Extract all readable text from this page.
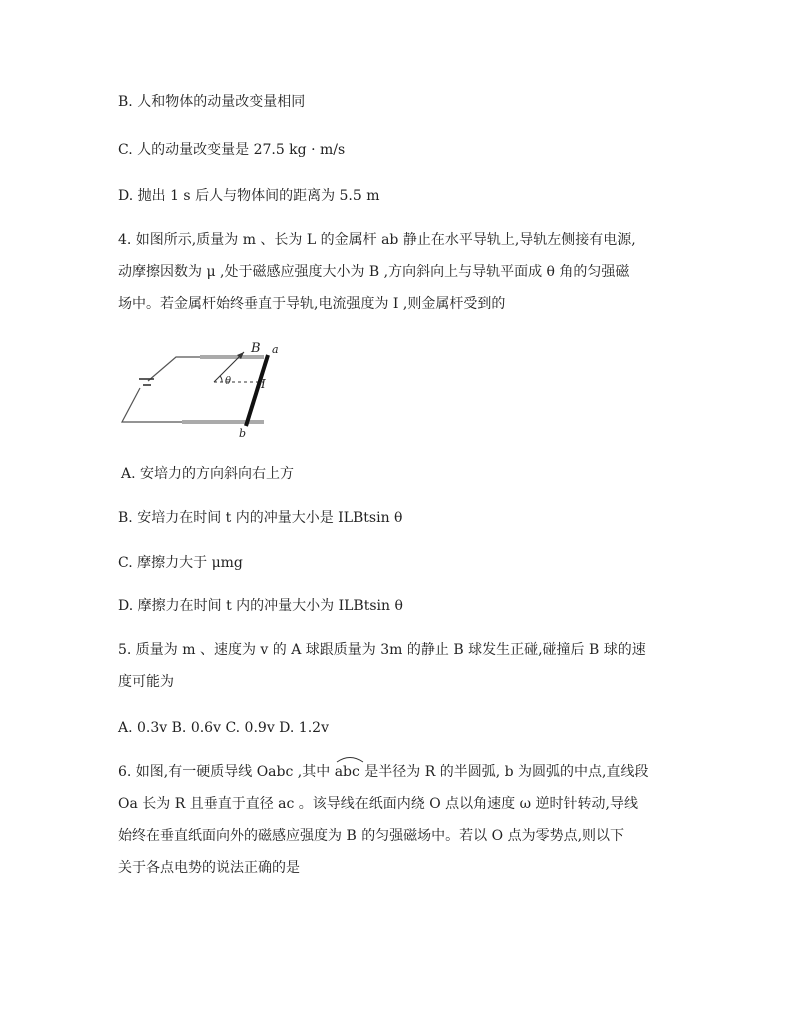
B. 人和物体的动量改变量相同
C. 人的动量改变量是 27.5 kg · m/s
D. 抛出 1 s 后人与物体间的距离为 5.5 m
4. 如图所示,质量为 m 、长为 L 的金属杆 ab 静止在水平导轨上,导轨左侧接有电源,
动摩擦因数为 μ ,处于磁感应强度大小为 B ,方向斜向上与导轨平面成 θ 角的匀强磁
场中。若金属杆始终垂直于导轨,电流强度为 I ,则金属杆受到的
B a
θ I
b
A. 安培力的方向斜向右上方
B. 安培力在时间 t 内的冲量大小是 ILBtsin θ
C. 摩擦力大于 μmg
D. 摩擦力在时间 t 内的冲量大小为 ILBtsin θ
5. 质量为 m 、速度为 v 的 A 球跟质量为 3m 的静止 B 球发生正碰,碰撞后 B 球的速
度可能为
A. 0.3v B. 0.6v C. 0.9v D. 1.2v
6. 如图,有一硬质导线 Oabc ,其中
abc 是半径为 R 的半圆弧, b 为圆弧的中点,直线段
Oa 长为 R 且垂直于直径 ac 。该导线在纸面内绕 O 点以角速度 ω 逆时针转动,导线
始终在垂直纸面向外的磁感应强度为 B 的匀强磁场中。若以 O 点为零势点,则以下
关于各点电势的说法正确的是
